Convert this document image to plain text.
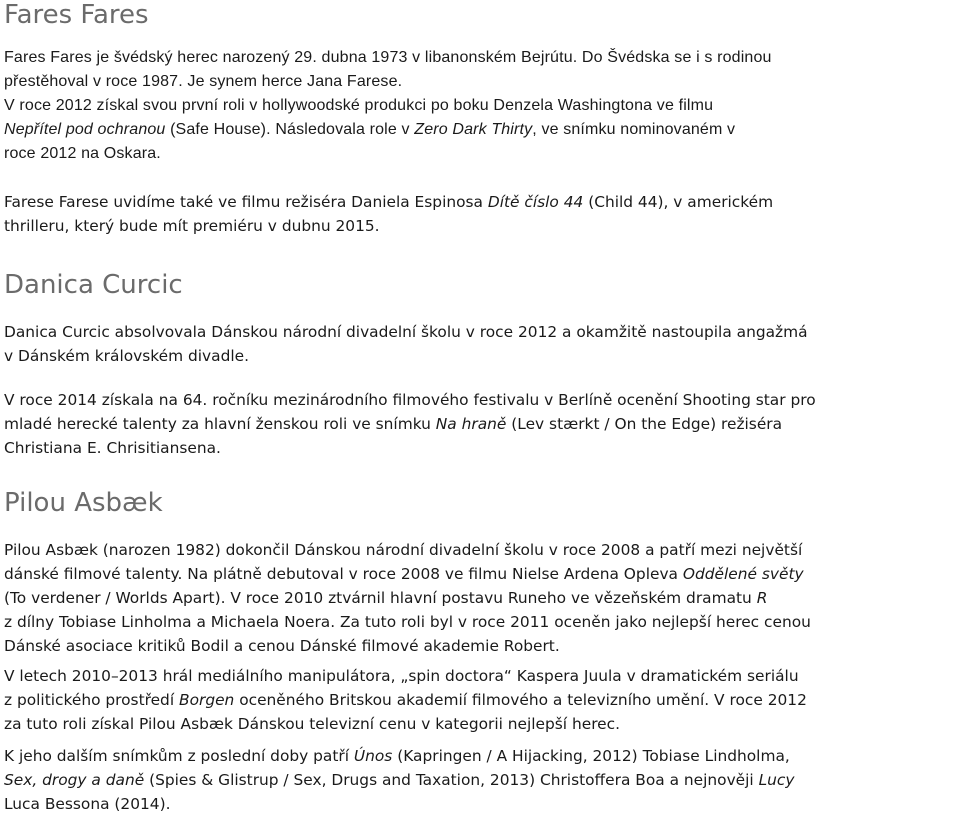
Fares Fares

Fares Fares je švédský herec narozený 29. dubna 1973 v libanonském Bejrútu. Do Švédska se i s rodinou
přestěhoval v roce 1987. Je synem herce Jana Farese.

V roce 2012 získal svou první roli v hollywoodské produkci po boku Denzela Washingtona ve filmu
Nepřítel pod ochranou (Safe House). Následovala role v Zero Dark Thirty, ve snímku nominovaném v
roce 2012 na Oskara.

Farese Farese uvidíme také ve filmu režiséra Daniela Espinosa Dítě číslo 44 (Child 44), v americkém
thrilleru, který bude mít premiéru v dubnu 2015.

Danica Curcic

Danica Curcic absolvovala Dánskou národní divadelní školu v roce 2012 a okamžitě nastoupila angažmá
v Dánském královském divadle.

V roce 2014 získala na 64. ročníku mezinárodního filmového festivalu v Berlíně ocenění Shooting star pro
mladé herecké talenty za hlavní ženskou roli ve snímku Na hraně (Lev stærkt / On the Edge) režiséra
Christiana E. Chrisitiansena.

Pilou Asbæk

Pilou Asbæk (narozen 1982) dokončil Dánskou národní divadelní školu v roce 2008 a patří mezi největší
dánské filmové talenty. Na plátně debutoval v roce 2008 ve filmu Nielse Ardena Opleva Oddělené světy
(To verdener / Worlds Apart). V roce 2010 ztvárnil hlavní postavu Runeho ve vězeňském dramatu R
z dílny Tobiase Linholma a Michaela Noera. Za tuto roli byl v roce 2011 oceněn jako nejlepší herec cenou
Dánské asociace kritiků Bodil a cenou Dánské filmové akademie Robert.

V letech 2010–2013 hrál mediálního manipulátora, „spin doctora“ Kaspera Juula v dramatickém seriálu
z politického prostředí Borgen oceněného Britskou akademií filmového a televizního umění. V roce 2012
za tuto roli získal Pilou Asbæk Dánskou televizní cenu v kategorii nejlepší herec.

K jeho dalším snímkům z poslední doby patří Únos (Kapringen / A Hijacking, 2012) Tobiase Lindholma,
Sex, drogy a daně (Spies & Glistrup / Sex, Drugs and Taxation, 2013) Christoffera Boa a nejnověji Lucy
Luca Bessona (2014).
